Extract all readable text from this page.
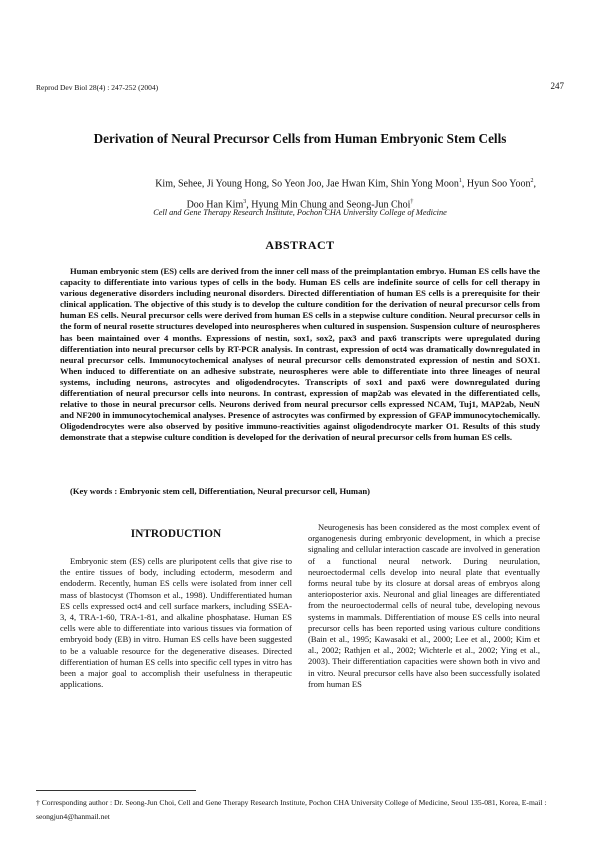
Reprod Dev Biol 28(4) : 247-252 (2004)	247
Derivation of Neural Precursor Cells from Human Embryonic Stem Cells
Kim, Sehee, Ji Young Hong, So Yeon Joo, Jae Hwan Kim, Shin Yong Moon$^1$, Hyun Soo Yoon$^2$,
Doo Han Kim$^3$, Hyung Min Chung and Seong-Jun Choi†
Cell and Gene Therapy Research Institute, Pochon CHA University College of Medicine
ABSTRACT
Human embryonic stem (ES) cells are derived from the inner cell mass of the preimplantation embryo. Human ES cells have the capacity to differentiate into various types of cells in the body. Human ES cells are indefinite source of cells for cell therapy in various degenerative disorders including neuronal disorders. Directed differentiation of human ES cells is a prerequisite for their clinical application. The objective of this study is to develop the culture condition for the derivation of neural precursor cells from human ES cells. Neural precursor cells were derived from human ES cells in a stepwise culture condition. Neural precursor cells in the form of neural rosette structures developed into neurospheres when cultured in suspension. Suspension culture of neurospheres has been maintained over 4 months. Expressions of nestin, sox1, sox2, pax3 and pax6 transcripts were upregulated during differentiation into neural precursor cells by RT-PCR analysis. In contrast, expression of oct4 was dramatically downregulated in neural precursor cells. Immunocytochemical analyses of neural precursor cells demonstrated expression of nestin and SOX1. When induced to differentiate on an adhesive substrate, neurospheres were able to differentiate into three lineages of neural systems, including neurons, astrocytes and oligodendrocytes. Transcripts of sox1 and pax6 were downregulated during differentiation of neural precursor cells into neurons. In contrast, expression of map2ab was elevated in the differentiated cells, relative to those in neural precursor cells. Neurons derived from neural precursor cells expressed NCAM, Tuj1, MAP2ab, NeuN and NF200 in immunocytochemical analyses. Presence of astrocytes was confirmed by expression of GFAP immunocytochemically. Oligodendrocytes were also observed by positive immuno-reactivities against oligodendrocyte marker O1. Results of this study demonstrate that a stepwise culture condition is developed for the derivation of neural precursor cells from human ES cells.
(Key words : Embryonic stem cell, Differentiation, Neural precursor cell, Human)
INTRODUCTION
Embryonic stem (ES) cells are pluripotent cells that give rise to the entire tissues of body, including ectoderm, mesoderm and endoderm. Recently, human ES cells were isolated from inner cell mass of blastocyst (Thomson et al., 1998). Undifferentiated human ES cells expressed oct4 and cell surface markers, including SSEA-3, 4, TRA-1-60, TRA-1-81, and alkaline phosphatase. Human ES cells were able to differentiate into various tissues via formation of embryoid body (EB) in vitro. Human ES cells have been suggested to be a valuable resource for the degenerative diseases. Directed differentiation of human ES cells into specific cell types in vitro has been a major goal to accomplish their usefulness in therapeutic applications.
Neurogenesis has been considered as the most complex event of organogenesis during embryonic development, in which a precise signaling and cellular interaction cascade are involved in generation of a functional neural network. During neurulation, neuroectodermal cells develop into neural plate that eventually forms neural tube by its closure at dorsal areas of embryos along anterioposterior axis. Neuronal and glial lineages are differentiated from the neuroectodermal cells of neural tube, developing nevous systems in mammals. Differentiation of mouse ES cells into neural precursor cells has been reported using various culture conditions (Bain et al., 1995; Kawasaki et al., 2000; Lee et al., 2000; Kim et al., 2002; Rathjen et al., 2002; Wichterle et al., 2002; Ying et al., 2003). Their differentiation capacities were shown both in vivo and in vitro. Neural precursor cells have also been successfully isolated from human ES
† Corresponding author : Dr. Seong-Jun Choi, Cell and Gene Therapy Research Institute, Pochon CHA University College of Medicine, Seoul 135-081, Korea, E-mail : seongjun4@hanmail.net
